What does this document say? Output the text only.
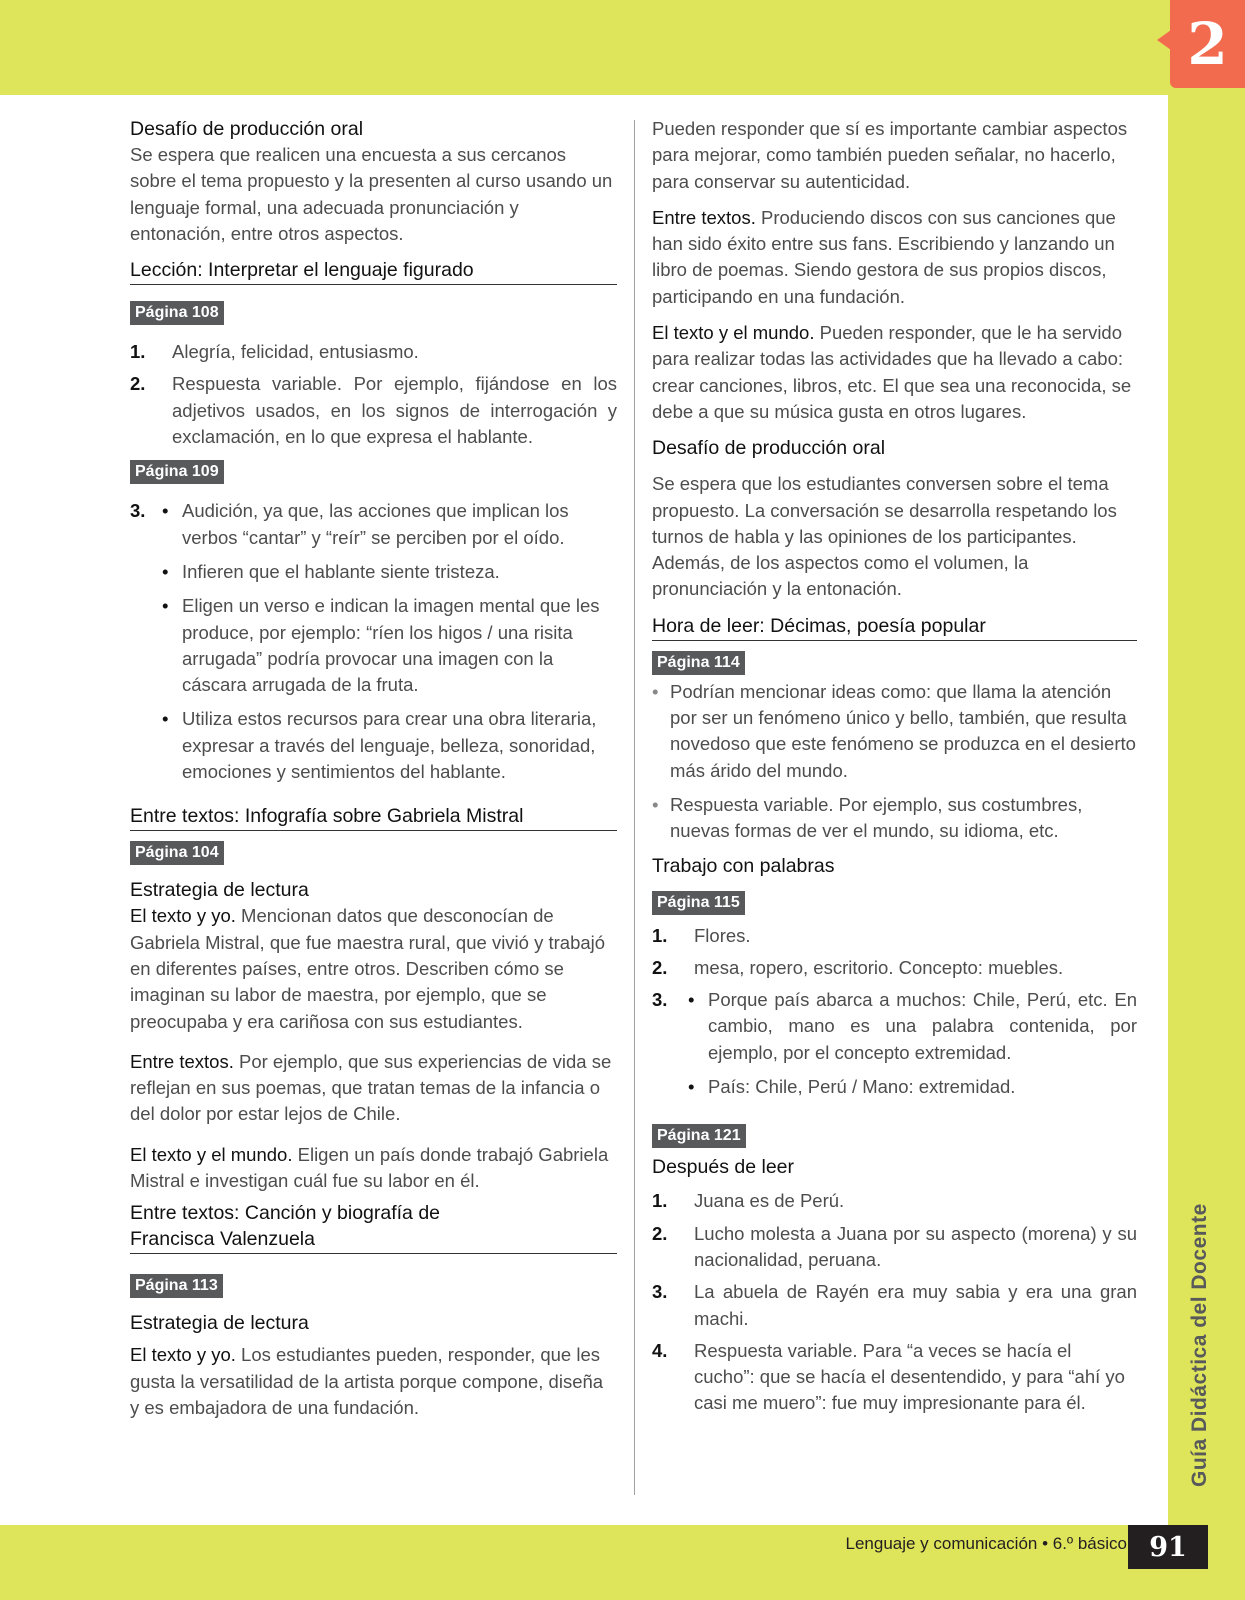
2
Guía Didáctica del Docente
Lenguaje y comunicación • 6.º básico 91
Desafío de producción oral
Se espera que realicen una encuesta a sus cercanos sobre el tema propuesto y la presenten al curso usando un lenguaje formal, una adecuada pronunciación y entonación, entre otros aspectos.
Lección: Interpretar el lenguaje figurado
Página 108
1.	Alegría, felicidad, entusiasmo.
2.	Respuesta variable. Por ejemplo, fijándose en los adjetivos usados, en los signos de interrogación y exclamación, en lo que expresa el hablante.
Página 109
3. • Audición, ya que, las acciones que implican los verbos “cantar” y “reír” se perciben por el oído.
• Infieren que el hablante siente tristeza.
• Eligen un verso e indican la imagen mental que les produce, por ejemplo: “ríen los higos / una risita arrugada” podría provocar una imagen con la cáscara arrugada de la fruta.
• Utiliza estos recursos para crear una obra literaria, expresar a través del lenguaje, belleza, sonoridad, emociones y sentimientos del hablante.
Entre textos: Infografía sobre Gabriela Mistral
Página 104
Estrategia de lectura
El texto y yo. Mencionan datos que desconocían de Gabriela Mistral, que fue maestra rural, que vivió y trabajó en diferentes países, entre otros. Describen cómo se imaginan su labor de maestra, por ejemplo, que se preocupaba y era cariñosa con sus estudiantes.
Entre textos. Por ejemplo, que sus experiencias de vida se reflejan en sus poemas, que tratan temas de la infancia o del dolor por estar lejos de Chile.
El texto y el mundo. Eligen un país donde trabajó Gabriela Mistral e investigan cuál fue su labor en él.
Entre textos: Canción y biografía de
Francisca Valenzuela
Página 113
Estrategia de lectura
El texto y yo. Los estudiantes pueden, responder, que les gusta la versatilidad de la artista porque compone, diseña y es embajadora de una fundación.
Pueden responder que sí es importante cambiar aspectos para mejorar, como también pueden señalar, no hacerlo, para conservar su autenticidad.
Entre textos. Produciendo discos con sus canciones que han sido éxito entre sus fans. Escribiendo y lanzando un libro de poemas. Siendo gestora de sus propios discos, participando en una fundación.
El texto y el mundo. Pueden responder, que le ha servido para realizar todas las actividades que ha llevado a cabo: crear canciones, libros, etc. El que sea una reconocida, se debe a que su música gusta en otros lugares.
Desafío de producción oral
Se espera que los estudiantes conversen sobre el tema propuesto. La conversación se desarrolla respetando los turnos de habla y las opiniones de los participantes. Además, de los aspectos como el volumen, la pronunciación y la entonación.
Hora de leer: Décimas, poesía popular
Página 114
• Podrían mencionar ideas como: que llama la atención por ser un fenómeno único y bello, también, que resulta novedoso que este fenómeno se produzca en el desierto más árido del mundo.
• Respuesta variable. Por ejemplo, sus costumbres, nuevas formas de ver el mundo, su idioma, etc.
Trabajo con palabras
Página 115
1.	Flores.
2.	mesa, ropero, escritorio. Concepto: muebles.
3.	• Porque país abarca a muchos: Chile, Perú, etc. En cambio, mano es una palabra contenida, por ejemplo, por el concepto extremidad.
• País: Chile, Perú / Mano: extremidad.
Página 121
Después de leer
1.	Juana es de Perú.
2.	Lucho molesta a Juana por su aspecto (morena) y su nacionalidad, peruana.
3.	La abuela de Rayén era muy sabia y era una gran machi.
4.	Respuesta variable. Para “a veces se hacía el cucho”: que se hacía el desentendido, y para “ahí yo casi me muero”: fue muy impresionante para él.
